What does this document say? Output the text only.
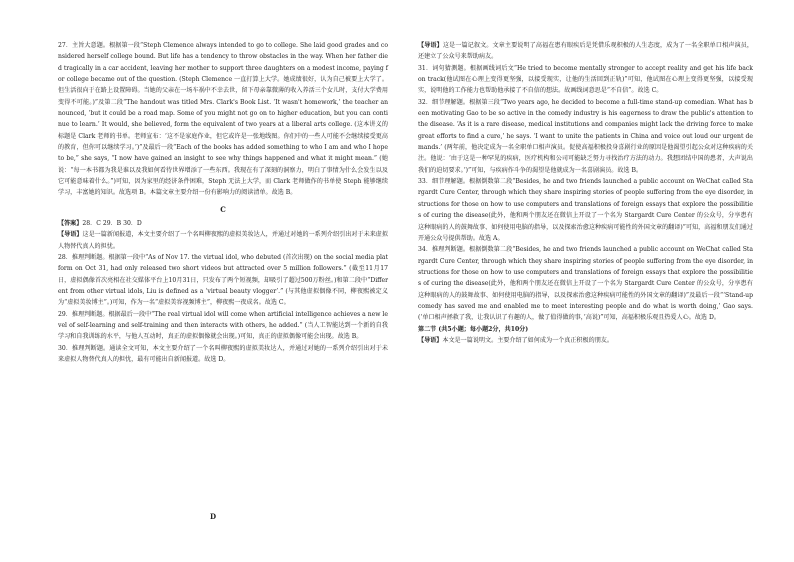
27．主旨大意题。根据第一段“Steph Clemence always intended to go to college. She laid good grades and considered herself college bound. But life has a tendency to throw obstacles in the way. When her father died tragically in a car accident, leaving her mother to support three daughters on a modest income, paying for college became out of the question. (Steph Clemence 一直打算上大学。她成绩很好，认为自己被要上大学了。但生活很向于在路上设置障碍。当她的父亲在一场车祸中不幸去世，留下母亲靠微薄的收入养活三个女儿时，支付大学费用变得不可能。)”及第二段“The handout was titled Mrs. Clark's Book List. ‘It wasn't homework,’ the teacher announced, ‘but it could be a road map. Some of you might not go on to higher education, but you can continue to learn.’ It would, she believed, form the equivalent of two years at a liberal arts college. (这本讲义的标题是 Clark 老师的书单。老师宣布：‘这不是家庭作业，但它或许是一张地线图。你们中的一些人可能不会继续接受更高的教育，但你可以继续学习。’)”及最后一段“Each of the books has added something to who I am and who I hope to be,” she says, “I now have gained an insight to see why things happened and what it might mean.” (她说：“每一本书都为我是谁以及我如何看待世界增添了一些东西。我现在有了深刻的洞察力，明白了事情为什么会发生以及它可能意味着什么。”)可知，因为家里的经济条件困难，Steph 无法上大学，而 Clark 老师做作的书单使 Steph 能够继续学习，丰富她的知识。故选项 B。本篇文章主要介绍一份有影响力的阅读清单。故选 B。

C

【答案】28．C 29．B 30．D

【导语】这是一篇新闻报道，本文主要介绍了一个名叫柳夜熙的虚拟美妆达人，并通过对她的一系列介绍引出对于未来虚拟人物替代真人的担忧。

28．推理判断题。根据第一段中“As of Nov 17. the virtual idol, who debuted (首次出现) on the social media platform on Oct 31, had only released two short videos but attracted over 5 million followers.” (截至11月17日，虚拟偶像首次亮相在社交媒体平台上10月31日，只发布了两个短视频，却吸引了超过500万粉丝。)和第二段中“Different from other virtual idols, Liu is defined as a ‘virtual beauty vlogger’.” (与其他虚拟偶像不同，柳夜熙被定义为“虚拟美妆博主”。)可知，作为一名“虚拟美容视频博主”，柳夜熙一夜成名。故选 C。

29．推理判断题。根据最后一段中“The real virtual idol will come when artificial intelligence achieves a new level of self-learning and self-training and then interacts with others, he added.” (当人工智能达到一个新的自我学习和自我训练的水平，与他人互动时，真正的虚拟偶像就会出现。)可知，真正的虚拟偶像可能会出现。故选 B。

30．推理判断题。通读全文可知，本文主要介绍了一个名叫柳夜熙的虚拟美妆达人，并通过对她的一系列介绍引出对于未来虚拟人物替代真人的担忧，最有可能出自新闻报道。故选 D。

D

【导语】这是一篇记叙文。文章主要说明了高福在患有眼疾后是凭借乐观积极的人生态度，成为了一名全职单口相声演员，还建立了公众号来帮助病友。

31．词句猜测题。根据画线词后文“He tried to become mentally stronger to accept reality and get his life back on track(他试图在心理上变得更坚强，以接受现实，让他的生活回到正轨)”可知，他试图在心理上变得更坚强，以接受现实，说明他的工作能力也帮助他承接了不自信的想法。故画线词意思是“不自信”。故选 C。

32．细节理解题。根据第三段“Two years ago, he decided to become a full-time stand-up comedian. What has been motivating Gao to be so active in the comedy industry is his eagerness to draw the public's attention to the disease. ‘As it is a rare disease, medical institutions and companies might lack the driving force to make great efforts to find a cure,’ he says. ‘I want to unite the patients in China and voice out loud our urgent demands.’ (两年前，他决定成为一名全职单口相声演员。促使高福积极投身喜剧行业的原因是他渴望引起公众对这种疾病的关注。他说：‘由于这是一种罕见的疾病，医疗机构和公司可能缺乏努力寻找治疗方法的动力。我想团结中国的患者，大声说出我们的迫切要求。’)”可知，与疾病作斗争的渴望是他就成为一名喜剧演员。故选 B。

33．细节理解题。根据倒数第二段“Besides, he and two friends launched a public account on WeChat called Stargardt Cure Center, through which they share inspiring stories of people suffering from the eye disorder, instructions for those on how to use computers and translations of foreign essays that explore the possibilities of curing the disease(此外，他和两个朋友还在微信上开设了一个名为 Stargardt Cure Center 的公众号，分享患有这种眼病的人的鼓舞故事、如何使用电脑的指导，以及探索治愈这种疾病可能性的外国文章的翻译)”可知，高福和朋友们通过开通公众号提供帮助。故选 A。

34．推理判断题。根据倒数第二段“Besides, he and two friends launched a public account on WeChat called Stargardt Cure Center, through which they share inspiring stories of people suffering from the eye disorder, instructions for those on how to use computers and translations of foreign essays that explore the possibilities of curing the disease(此外，他和两个朋友还在微信上开设了一个名为 Stargardt Cure Center 的公众号，分享患有这种眼病的人的鼓舞故事、如何使用电脑的指导，以及探索治愈这种疾病可能性的外国文章的翻译)”及最后一段“‘Stand-up comedy has saved me and enabled me to meet interesting people and do what is worth doing,’ Gao says. (‘单口相声拯救了我，让我认识了有趣的人，做了值得做的事，’高说)”可知，高福积极乐观且热爱人心。故选 D。

第二节 (共5小题；每小题2分，共10分)

【导语】本文是一篇说明文。主要介绍了如何成为一个真正积极的朋友。
